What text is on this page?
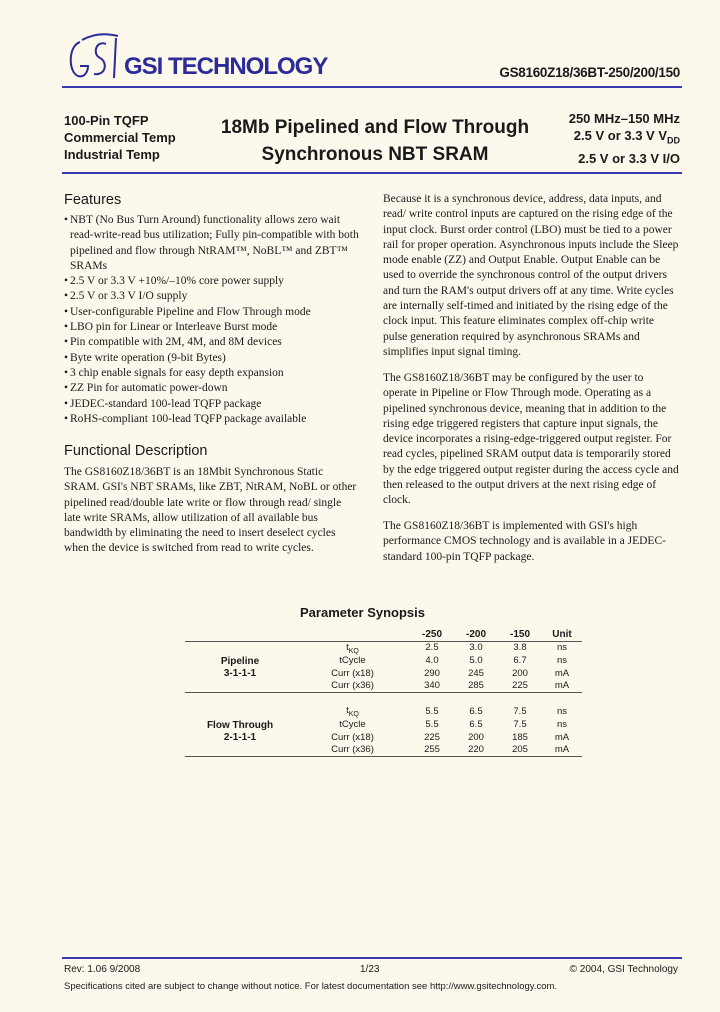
GSI TECHNOLOGY	GS8160Z18/36BT-250/200/150
100-Pin TQFP
Commercial Temp
Industrial Temp
18Mb Pipelined and Flow Through
Synchronous NBT SRAM
250 MHz–150 MHz
2.5 V or 3.3 V $V_{DD}$
2.5 V or 3.3 V I/O
Features
• NBT (No Bus Turn Around) functionality allows zero wait read-write-read bus utilization; Fully pin-compatible with both pipelined and flow through NtRAM™, NoBL™ and ZBT™ SRAMs
• 2.5 V or 3.3 V +10%/–10% core power supply
• 2.5 V or 3.3 V I/O supply
• User-configurable Pipeline and Flow Through mode
• LBO pin for Linear or Interleave Burst mode
• Pin compatible with 2M, 4M, and 8M devices
• Byte write operation (9-bit Bytes)
• 3 chip enable signals for easy depth expansion
• ZZ Pin for automatic power-down
• JEDEC-standard 100-lead TQFP package
• RoHS-compliant 100-lead TQFP package available
Functional Description

The GS8160Z18/36BT is an 18Mbit Synchronous Static SRAM. GSI's NBT SRAMs, like ZBT, NtRAM, NoBL or other pipelined read/double late write or flow through read/ single late write SRAMs, allow utilization of all available bus bandwidth by eliminating the need to insert deselect cycles when the device is switched from read to write cycles.

Because it is a synchronous device, address, data inputs, and read/ write control inputs are captured on the rising edge of the input clock. Burst order control (LBO) must be tied to a power rail for proper operation. Asynchronous inputs include the Sleep mode enable (ZZ) and Output Enable. Output Enable can be used to override the synchronous control of the output drivers and turn the RAM's output drivers off at any time. Write cycles are internally self-timed and initiated by the rising edge of the clock input. This feature eliminates complex off-chip write pulse generation required by asynchronous SRAMs and simplifies input signal timing.

The GS8160Z18/36BT may be configured by the user to operate in Pipeline or Flow Through mode. Operating as a pipelined synchronous device, meaning that in addition to the rising edge triggered registers that capture input signals, the device incorporates a rising-edge-triggered output register. For read cycles, pipelined SRAM output data is temporarily stored by the edge triggered output register during the access cycle and then released to the output drivers at the next rising edge of clock.

The GS8160Z18/36BT is implemented with GSI's high performance CMOS technology and is available in a JEDEC-standard 100-pin TQFP package.

Parameter Synopsis
		-250	-200	-150	Unit
	$t_{KQ}$	2.5	3.0	3.8	ns
Pipeline	tCycle	4.0	5.0	6.7	ns
3-1-1-1	Curr (x18)	290	245	200	mA
	Curr (x36)	340	285	225	mA

	$t_{KQ}$	5.5	6.5	7.5	ns
Flow Through	tCycle	5.5	6.5	7.5	ns
2-1-1-1	Curr (x18)	225	200	185	mA
	Curr (x36)	255	220	205	mA
Rev: 1.06 9/2008	1/23	© 2004, GSI Technology
Specifications cited are subject to change without notice. For latest documentation see http://www.gsitechnology.com.
